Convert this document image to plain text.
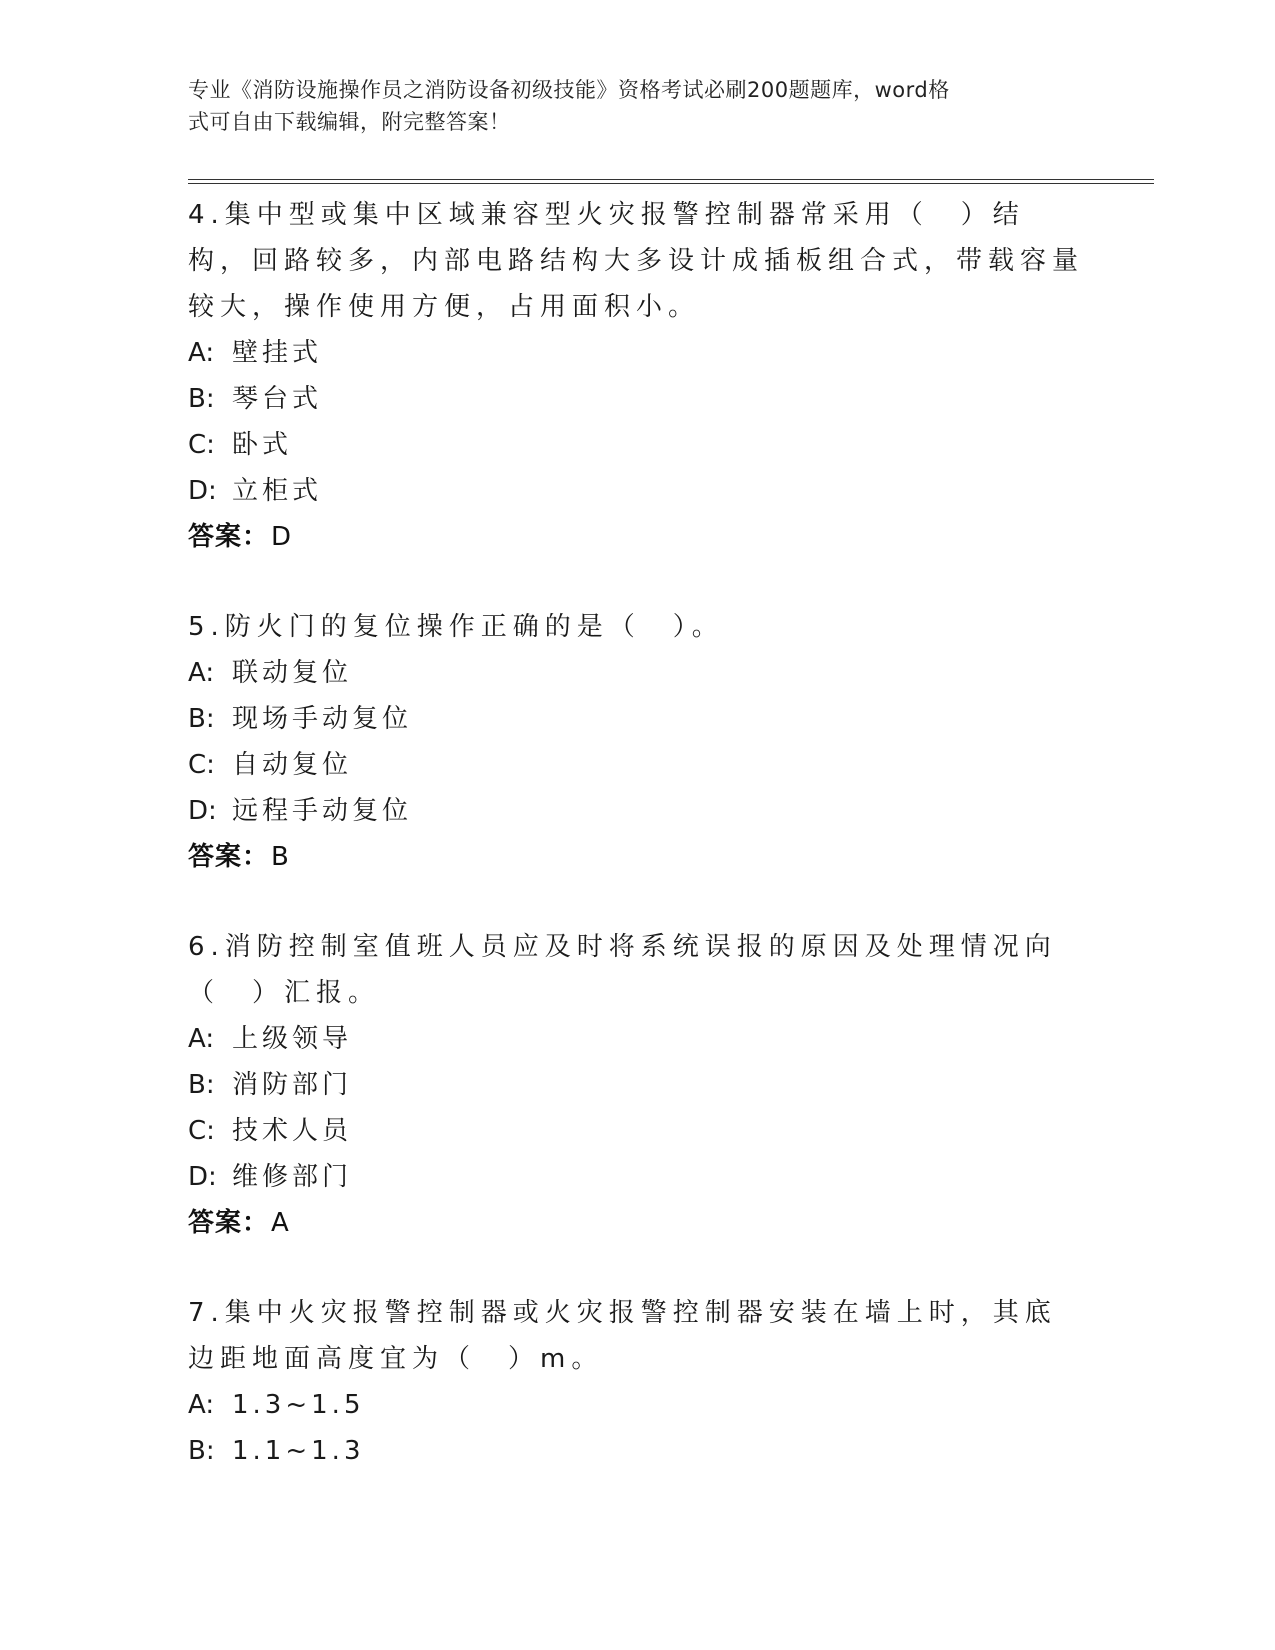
专业《消防设施操作员之消防设备初级技能》资格考试必刷200题题库，word格
式可自由下载编辑，附完整答案！
4.集中型或集中区域兼容型火灾报警控制器常采用（　）结构，回路较多，内部电路结构大多设计成插板组合式，带载容量较大，操作使用方便，占用面积小。
A: 壁挂式
B: 琴台式
C: 卧式
D: 立柜式
答案：D
5.防火门的复位操作正确的是（　）。
A: 联动复位
B: 现场手动复位
C: 自动复位
D: 远程手动复位
答案：B
6.消防控制室值班人员应及时将系统误报的原因及处理情况向（　）汇报。
A: 上级领导
B: 消防部门
C: 技术人员
D: 维修部门
答案：A
7.集中火灾报警控制器或火灾报警控制器安装在墙上时，其底边距地面高度宜为（　）m。
A: 1.3~1.5
B: 1.1~1.3
